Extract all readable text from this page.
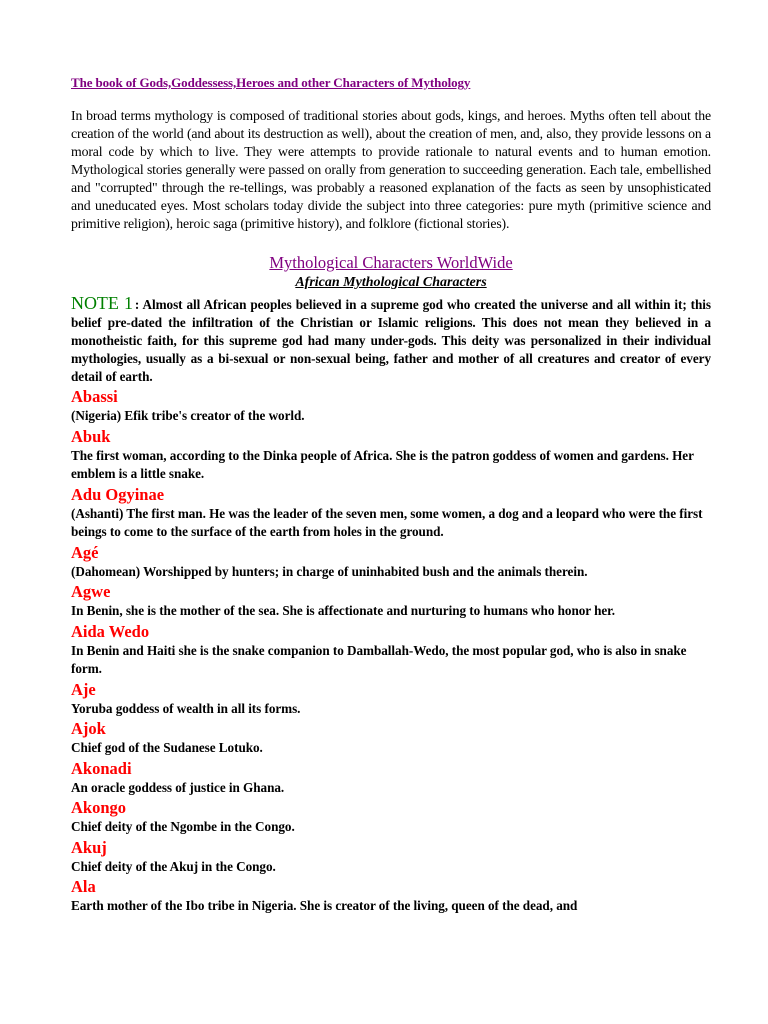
The book of Gods,Goddessess,Heroes and other Characters of Mythology

In broad terms mythology is composed of traditional stories about gods, kings, and heroes. Myths often tell about the creation of the world (and about its destruction as well), about the creation of men, and, also, they provide lessons on a moral code by which to live. They were attempts to provide rationale to natural events and to human emotion. Mythological stories generally were passed on orally from generation to succeeding generation. Each tale, embellished and "corrupted" through the re-tellings, was probably a reasoned explanation of the facts as seen by unsophisticated and uneducated eyes. Most scholars today divide the subject into three categories: pure myth (primitive science and primitive religion), heroic saga (primitive history), and folklore (fictional stories).

Mythological Characters WorldWide

African Mythological Characters

NOTE 1 : Almost all African peoples believed in a supreme god who created the universe and all within it; this belief pre-dated the infiltration of the Christian or Islamic religions. This does not mean they believed in a monotheistic faith, for this supreme god had many under-gods. This deity was personalized in their individual mythologies, usually as a bi-sexual or non-sexual being, father and mother of all creatures and creator of every detail of earth.

Abassi
(Nigeria) Efik tribe's creator of the world.
Abuk
The first woman, according to the Dinka people of Africa. She is the patron goddess of women and gardens. Her emblem is a little snake.
Adu Ogyinae
(Ashanti) The first man. He was the leader of the seven men, some women, a dog and a leopard who were the first beings to come to the surface of the earth from holes in the ground.
Agé
(Dahomean) Worshipped by hunters; in charge of uninhabited bush and the animals therein.
Agwe
In Benin, she is the mother of the sea. She is affectionate and nurturing to humans who honor her.
Aida Wedo
In Benin and Haiti she is the snake companion to Damballah-Wedo, the most popular god, who is also in snake form.
Aje
Yoruba goddess of wealth in all its forms.
Ajok
Chief god of the Sudanese Lotuko.
Akonadi
An oracle goddess of justice in Ghana.
Akongo
Chief deity of the Ngombe in the Congo.
Akuj
Chief deity of the Akuj in the Congo.
Ala
Earth mother of the Ibo tribe in Nigeria. She is creator of the living, queen of the dead, and
